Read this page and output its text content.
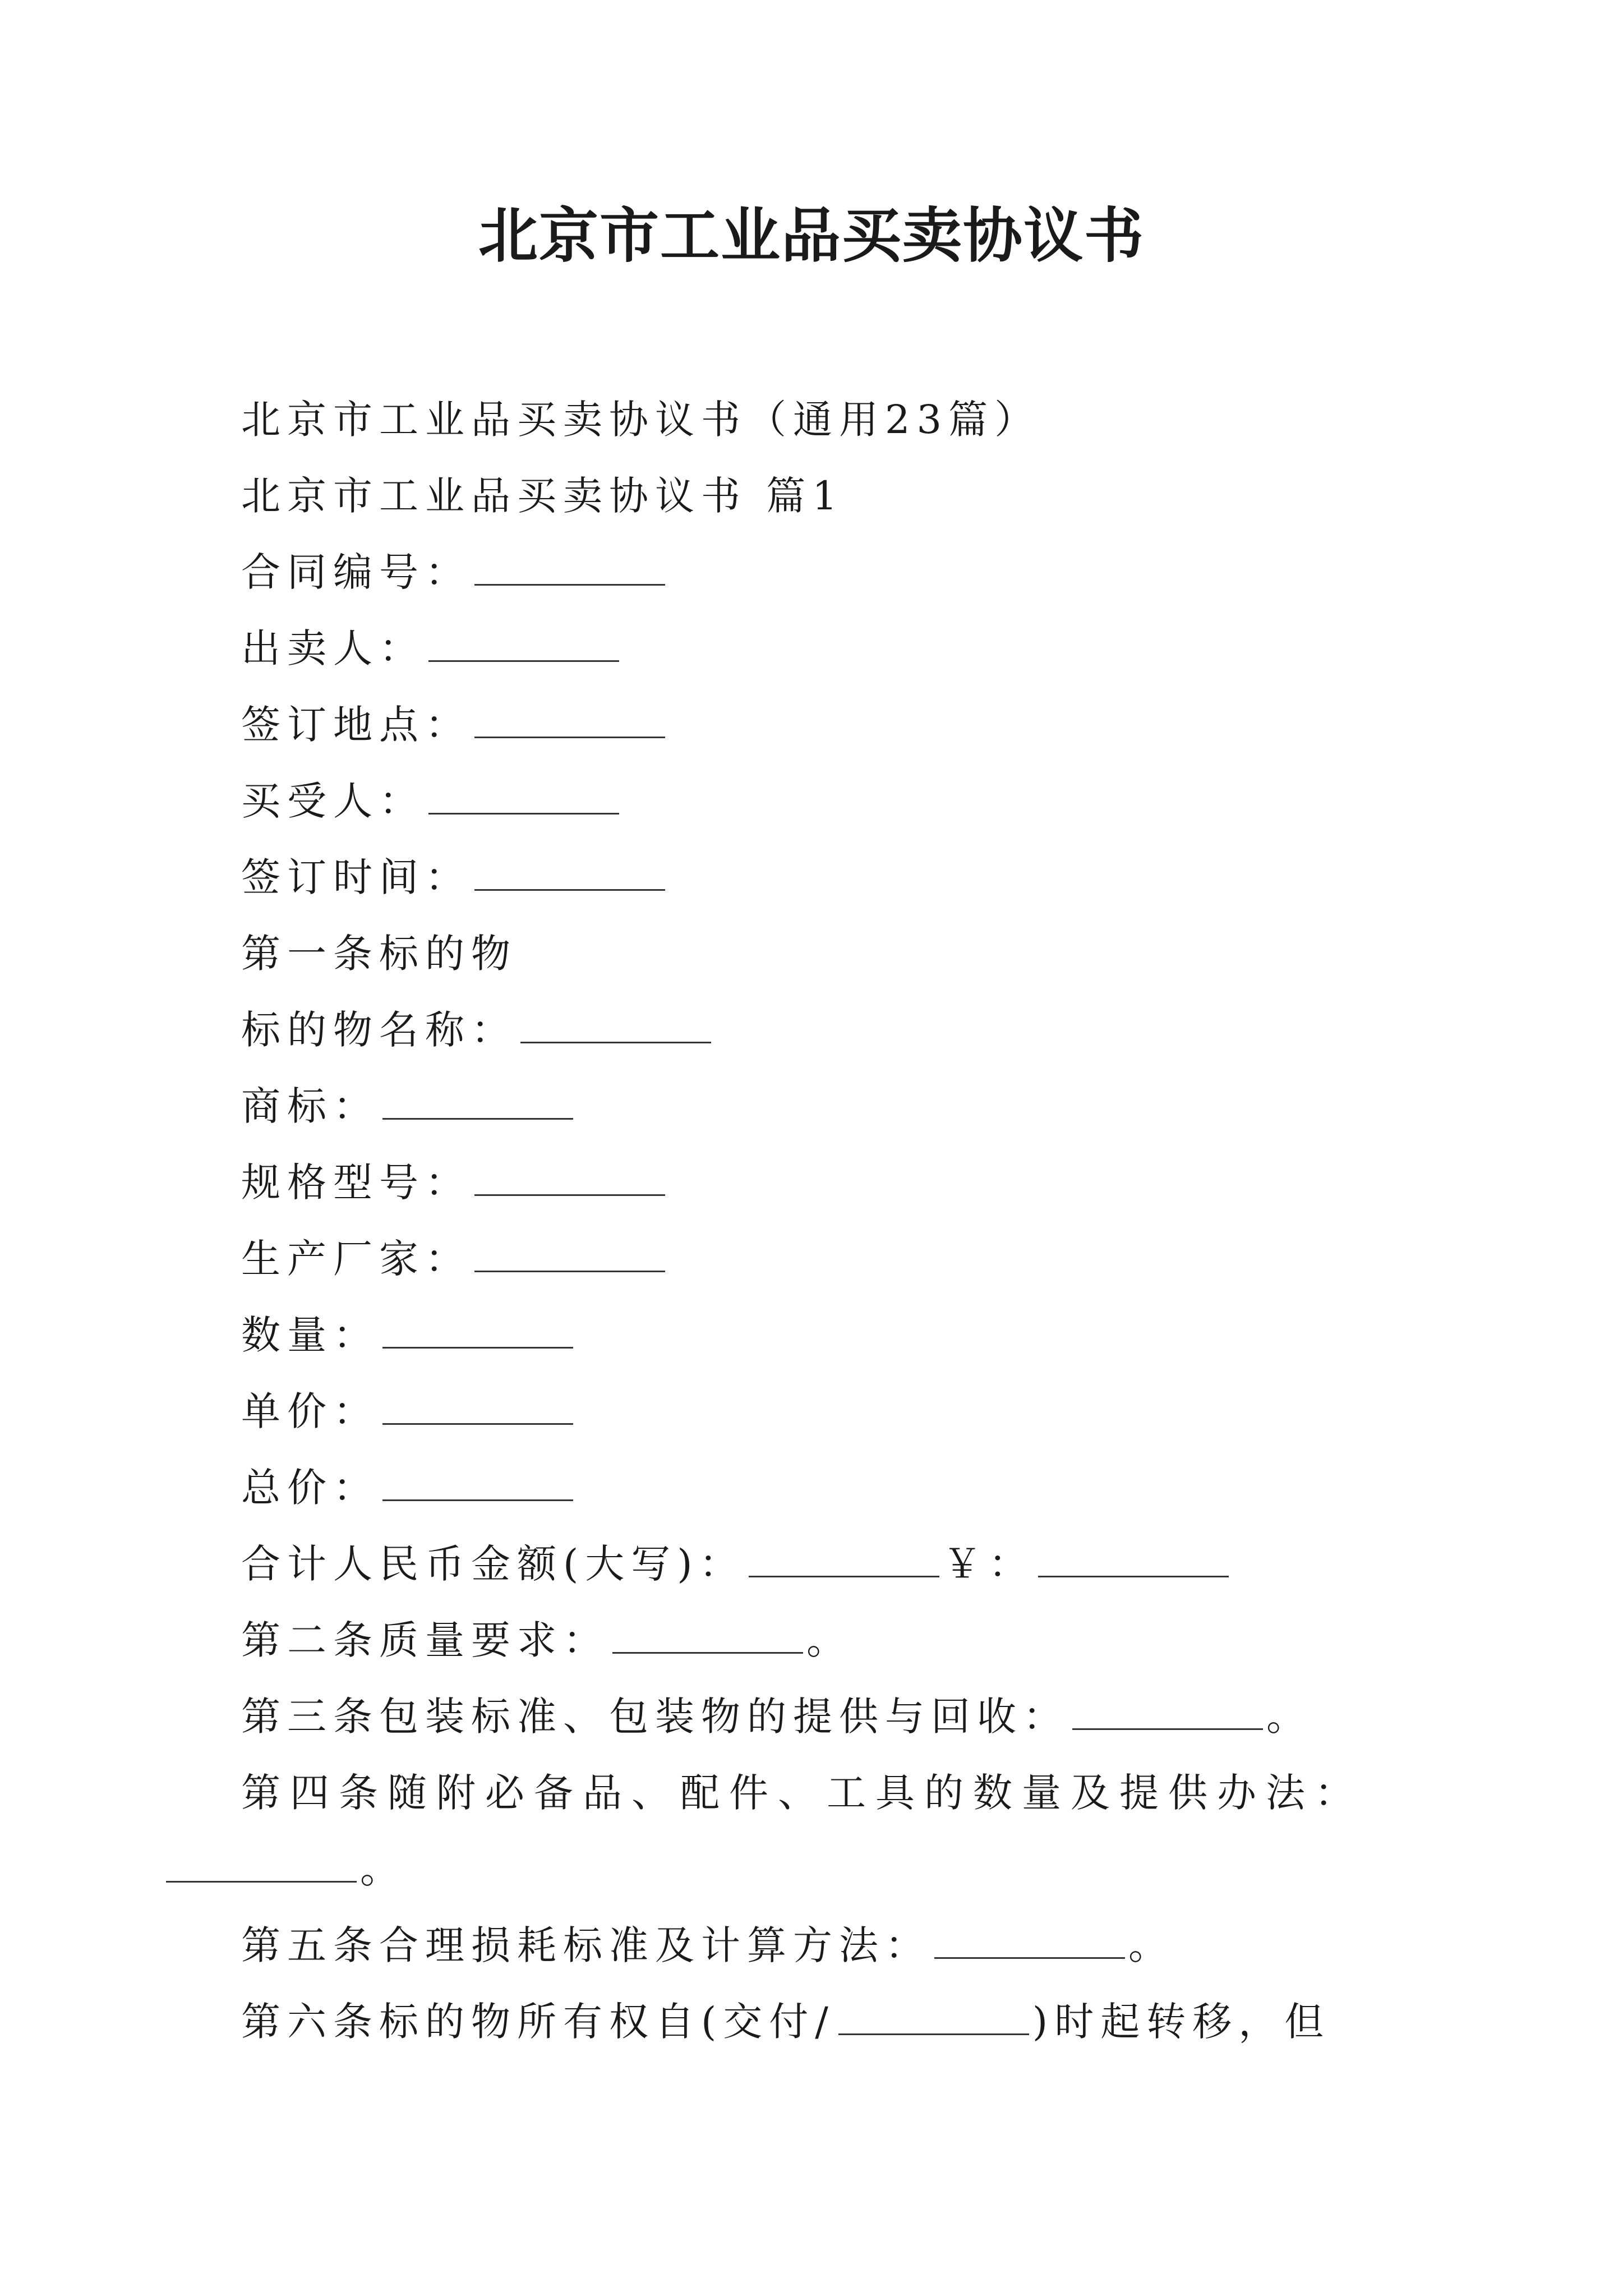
北京市工业品买卖协议书
北京市工业品买卖协议书（通用23篇）
北京市工业品买卖协议书 篇1
合同编号：
出卖人：
签订地点：
买受人：
签订时间：
第一条标的物
标的物名称：
商标：
规格型号：
生产厂家：
数量：
单价：
总价：
合计人民币金额(大写)：	￥：
第二条质量要求：	。
第三条包装标准、包装物的提供与回收：	。
第四条随附必备品、配件、工具的数量及提供办法：
。
第五条合理损耗标准及计算方法：	。
第六条标的物所有权自(交付/	)时起转移，但
